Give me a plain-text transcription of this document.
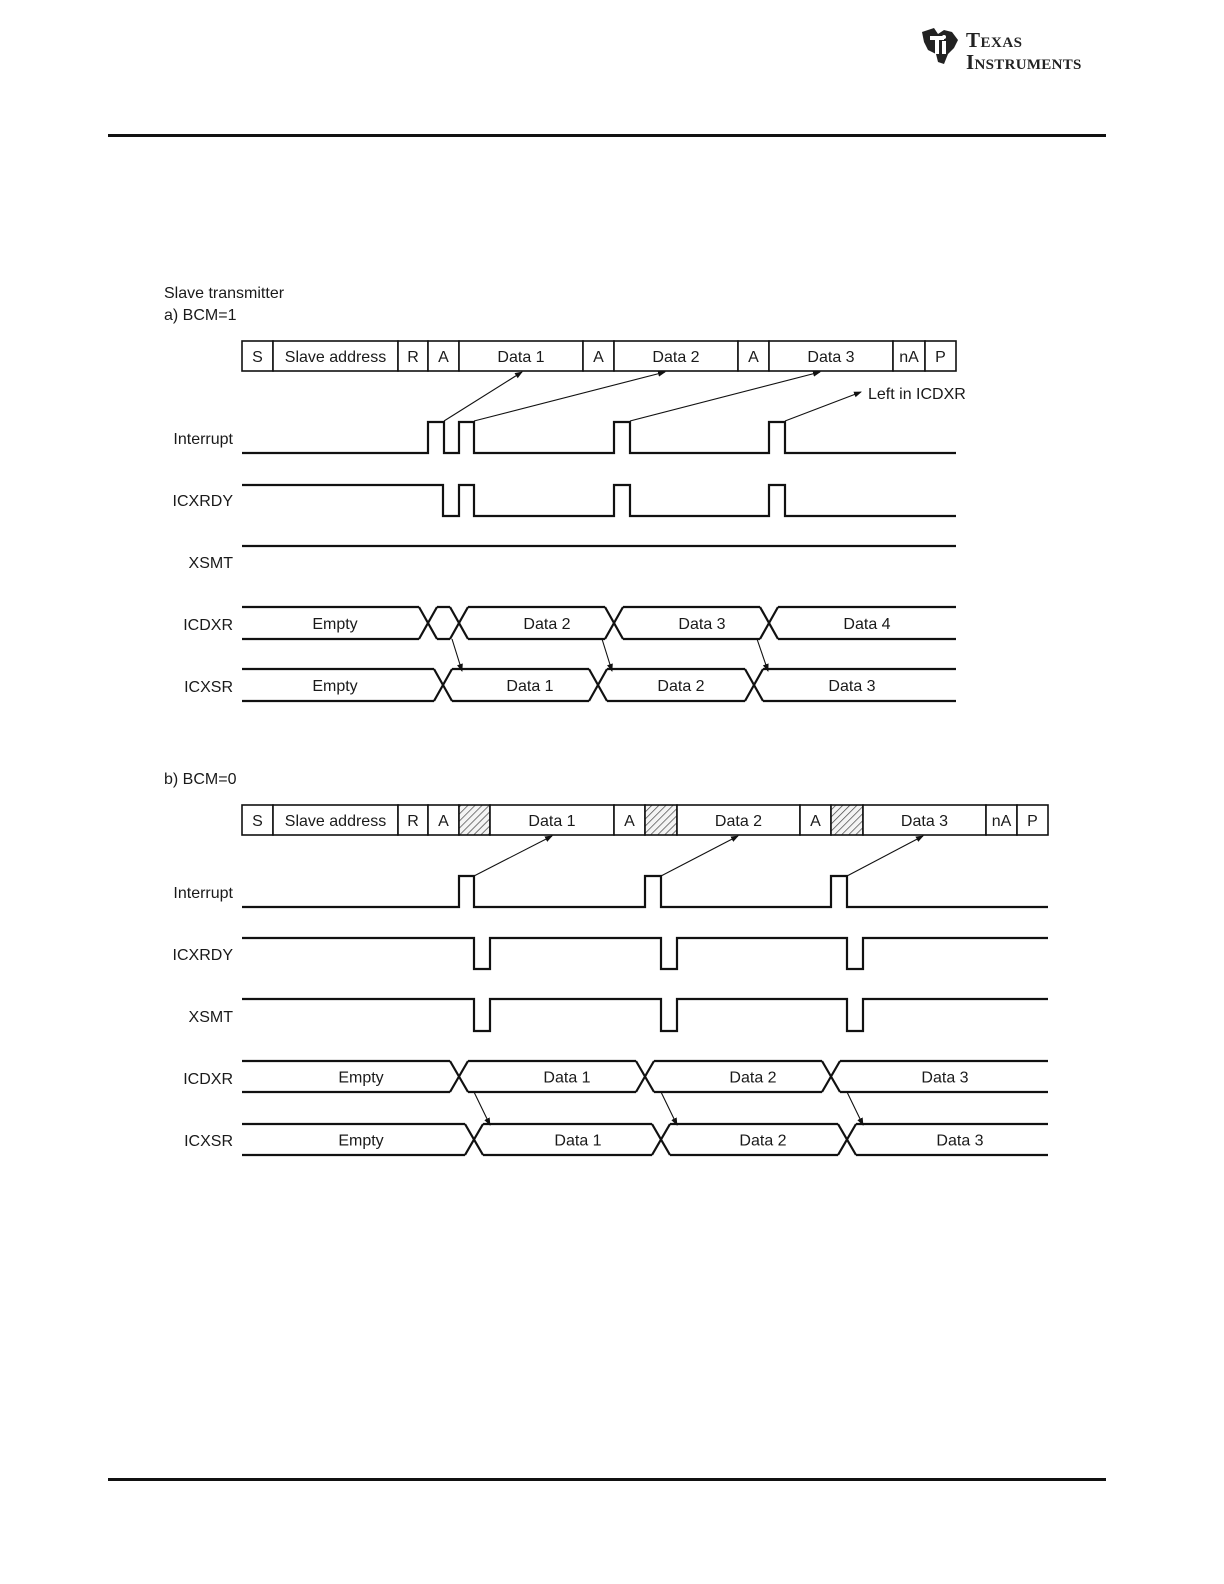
TEXAS
INSTRUMENTS
Slave transmitter
a) BCM=1
S Slave address R A	Data 1	A	Data 2	A	Data 3	nA P
Interrupt
ICXRDY
XSMT
ICDXR
ICXSR
Empty	Data 2	Data 3	Data 4
Empty	Data 1	Data 2	Data 3
Left in ICDXR
b) BCM=0
S Slave address R A	Data 1	A	Data 2	A	Data 3	nA P
Interrupt
ICXRDY
XSMT
ICDXR
ICXSR
Empty	Data 1	Data 2	Data 3
Empty	Data 1	Data 2	Data 3
